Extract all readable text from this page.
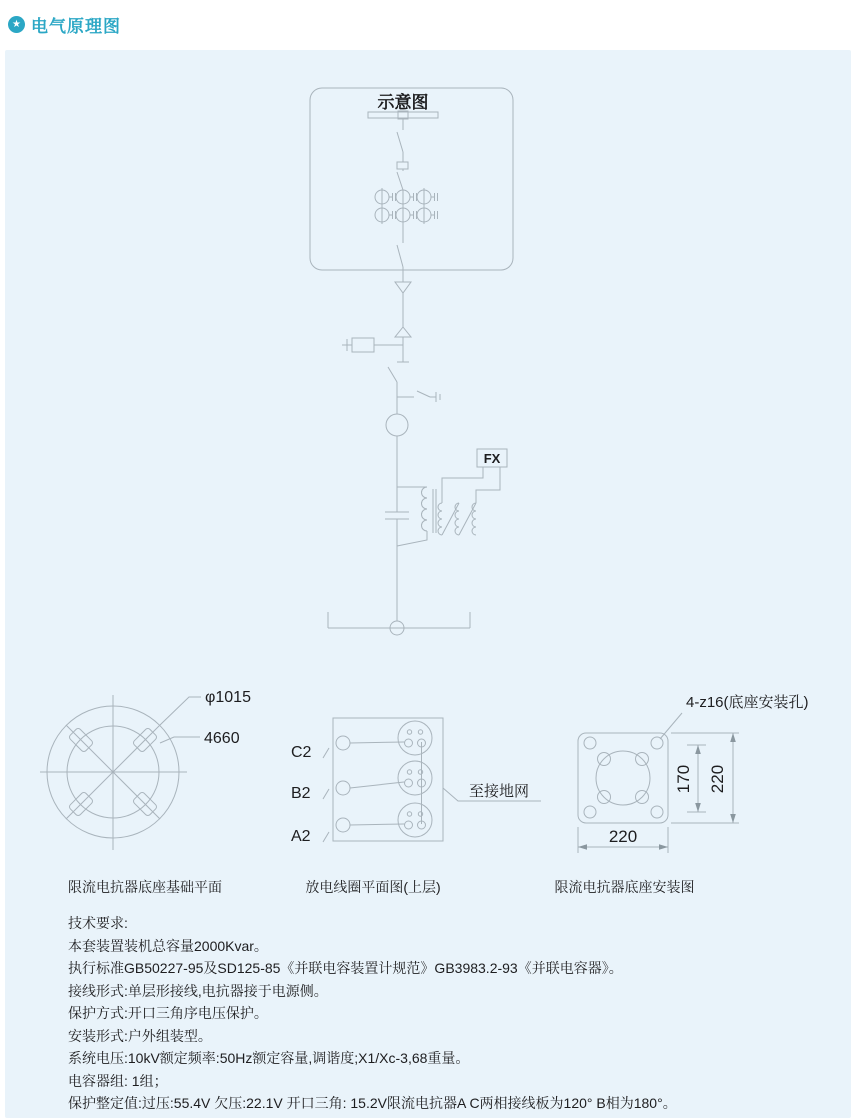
★ 电气原理图
示意图
FX
φ1015
4660
C2
B2
A2
至接地网
4-z16(底座安装孔)
170 220
220
限流电抗器底座基础平面	放电线圈平面图(上层)	限流电抗器底座安装图
技术要求:
本套装置装机总容量2000Kvar。
执行标准GB50227-95及SD125-85《并联电容装置计规范》GB3983.2-93《并联电容器》。
接线形式:单层形接线,电抗器接于电源侧。
保护方式:开口三角序电压保护。
安装形式:户外组装型。
系统电压:10kV额定频率:50Hz额定容量,调谐度;X1/Xc-3,68重量。
电容器组: 1组；
保护整定值:过压:55.4V 欠压:22.1V 开口三角: 15.2V限流电抗器A C两相接线板为120° B相为180°。
